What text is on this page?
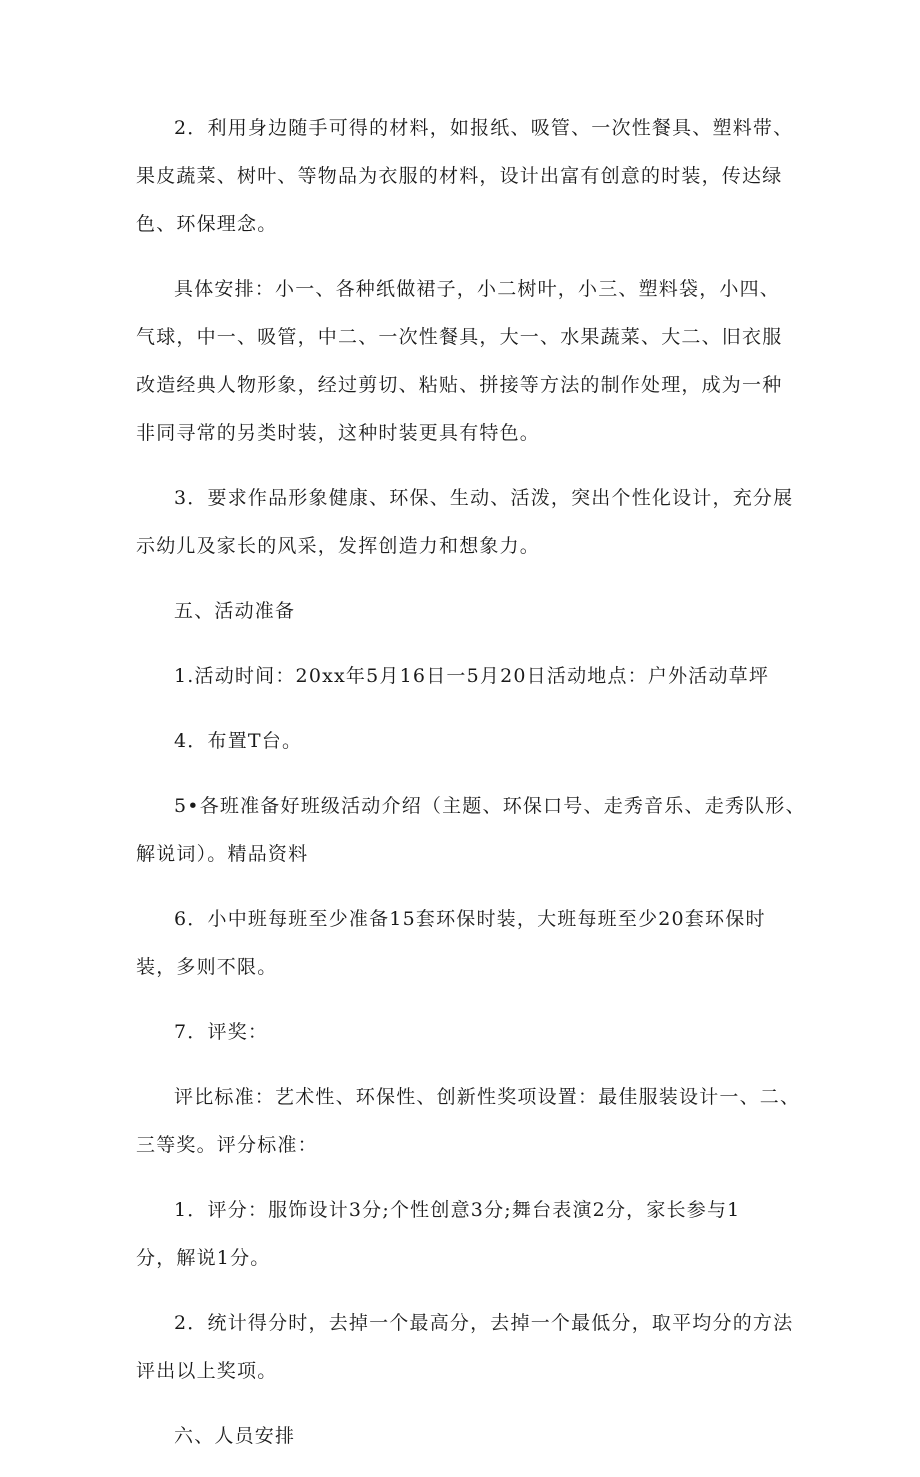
2．利用身边随手可得的材料，如报纸、吸管、一次性餐具、塑料带、
果皮蔬菜、树叶、等物品为衣服的材料，设计出富有创意的时装，传达绿
色、环保理念。

具体安排：小一、各种纸做裙子，小二树叶，小三、塑料袋，小四、
气球，中一、吸管，中二、一次性餐具，大一、水果蔬菜、大二、旧衣服
改造经典人物形象，经过剪切、粘贴、拼接等方法的制作处理，成为一种
非同寻常的另类时装，这种时装更具有特色。

3．要求作品形象健康、环保、生动、活泼，突出个性化设计，充分展
示幼儿及家长的风采，发挥创造力和想象力。

五、活动准备

1.活动时间：20xx年5月16日一5月20日活动地点：户外活动草坪

4．布置T台。

5•各班准备好班级活动介绍（主题、环保口号、走秀音乐、走秀队形、
解说词）。精品资料

6．小中班每班至少准备15套环保时装，大班每班至少20套环保时
装，多则不限。

7．评奖：

评比标准：艺术性、环保性、创新性奖项设置：最佳服装设计一、二、
三等奖。评分标准：

1．评分：服饰设计3分;个性创意3分;舞台表演2分，家长参与1
分，解说1分。

2．统计得分时，去掉一个最高分，去掉一个最低分，取平均分的方法
评出以上奖项。

六、人员安排
